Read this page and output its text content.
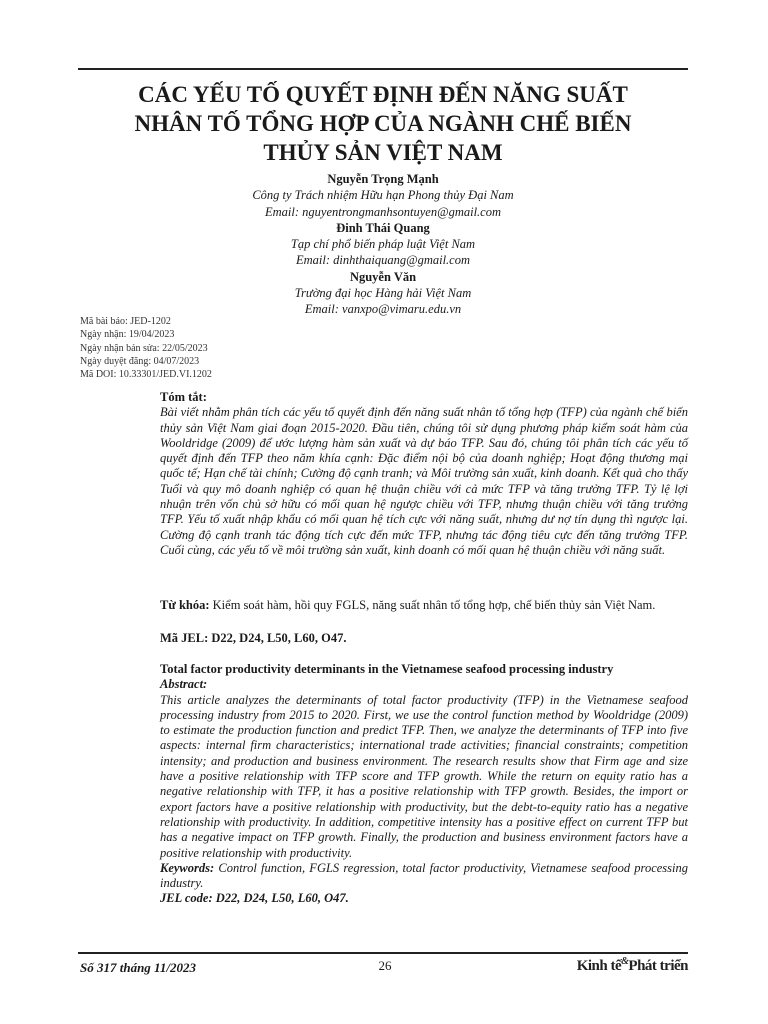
CÁC YẾU TỐ QUYẾT ĐỊNH ĐẾN NĂNG SUẤT
NHÂN TỐ TỔNG HỢP CỦA NGÀNH CHẾ BIẾN
THỦY SẢN VIỆT NAM
Nguyễn Trọng Mạnh
Công ty Trách nhiệm Hữu hạn Phong thủy Đại Nam
Email: nguyentrongmanhsontuyen@gmail.com
Đinh Thái Quang
Tạp chí phổ biến pháp luật Việt Nam
Email: dinhthaiquang@gmail.com
Nguyễn Văn
Trường đại học Hàng hải Việt Nam
Email: vanxpo@vimaru.edu.vn
Mã bài báo: JED-1202
Ngày nhận: 19/04/2023
Ngày nhận bản sửa: 22/05/2023
Ngày duyệt đăng: 04/07/2023
Mã DOI: 10.33301/JED.VI.1202
Tóm tắt:
Bài viết nhằm phân tích các yếu tố quyết định đến năng suất nhân tố tổng hợp (TFP) của ngành chế biến thủy sản Việt Nam giai đoạn 2015-2020. Đầu tiên, chúng tôi sử dụng phương pháp kiểm soát hàm của Wooldridge (2009) để ước lượng hàm sản xuất và dự báo TFP. Sau đó, chúng tôi phân tích các yếu tố quyết định đến TFP theo năm khía cạnh: Đặc điểm nội bộ của doanh nghiệp; Hoạt động thương mại quốc tế; Hạn chế tài chính; Cường độ cạnh tranh; và Môi trường sản xuất, kinh doanh. Kết quả cho thấy Tuổi và quy mô doanh nghiệp có quan hệ thuận chiều với cả mức TFP và tăng trưởng TFP. Tỷ lệ lợi nhuận trên vốn chủ sở hữu có mối quan hệ ngược chiều với TFP, nhưng thuận chiều với tăng trưởng TFP. Yếu tố xuất nhập khẩu có mối quan hệ tích cực với năng suất, nhưng dư nợ tín dụng thì ngược lại. Cường độ cạnh tranh tác động tích cực đến mức TFP, nhưng tác động tiêu cực đến tăng trưởng TFP. Cuối cùng, các yếu tố về môi trường sản xuất, kinh doanh có mối quan hệ thuận chiều với năng suất.
Từ khóa: Kiểm soát hàm, hồi quy FGLS, năng suất nhân tố tổng hợp, chế biến thủy sản Việt Nam.
Mã JEL: D22, D24, L50, L60, O47.
Total factor productivity determinants in the Vietnamese seafood processing industry
Abstract:
This article analyzes the determinants of total factor productivity (TFP) in the Vietnamese seafood processing industry from 2015 to 2020. First, we use the control function method by Wooldridge (2009) to estimate the production function and predict TFP. Then, we analyze the determinants of TFP into five aspects: internal firm characteristics; international trade activities; financial constraints; competition intensity; and production and business environment. The research results show that Firm age and size have a positive relationship with TFP score and TFP growth. While the return on equity ratio has a negative relationship with TFP, it has a positive relationship with TFP growth. Besides, the import or export factors have a positive relationship with productivity, but the debt-to-equity ratio has a negative relationship with productivity. In addition, competitive intensity has a positive effect on current TFP but has a negative impact on TFP growth. Finally, the production and business environment factors have a positive relationship with productivity.
Keywords: Control function, FGLS regression, total factor productivity, Vietnamese seafood processing industry.
JEL code: D22, D24, L50, L60, O47.
Số 317 tháng 11/2023	26	Kinh tế&Phát triển
